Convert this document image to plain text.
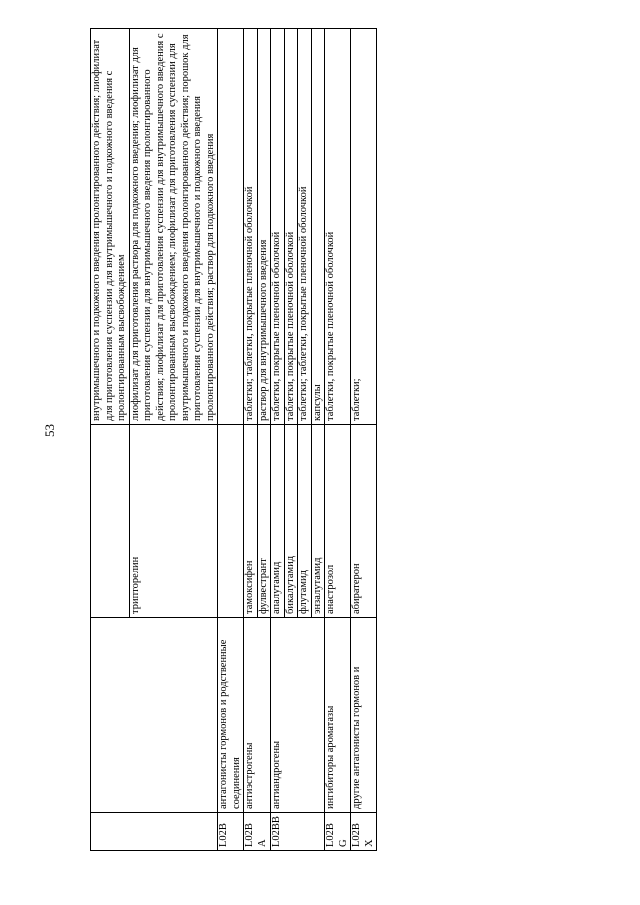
53
			внутримышечного и подкожного введения пролонгированного действия; лиофилизат для приготовления суспензии для внутримышечного и подкожного введения с пролонгированным высвобождением
		трипторелин	лиофилизат для приготовления раствора для подкожного введения; лиофилизат для приготовления суспензии для внутримышечного введения пролонгированного действия; лиофилизат для приготовления суспензии для внутримышечного введения с пролонгированным высвобождением; лиофилизат для приготовления суспензии для внутримышечного и подкожного введения пролонгированного действия; порошок для приготовления суспензии для внутримышечного и подкожного введения пролонгированного действия; раствор для подкожного введения
L02B	антагонисты гормонов и родственные соединения		
L02BA	антиэстрогены	тамоксифен	таблетки; таблетки, покрытые пленочной оболочкой
		фулвестрант	раствор для внутримышечного введения
L02BB	антиандрогены	апалутамид	таблетки, покрытые пленочной оболочкой
		бикалутамид	таблетки, покрытые пленочной оболочкой
		флутамид	таблетки; таблетки, покрытые пленочной оболочкой
		энзалутамид	капсулы
L02BG	ингибиторы ароматазы	анастрозол	таблетки, покрытые пленочной оболочкой
L02BX	другие антагонисты гормонов и	абиратерон	таблетки;
